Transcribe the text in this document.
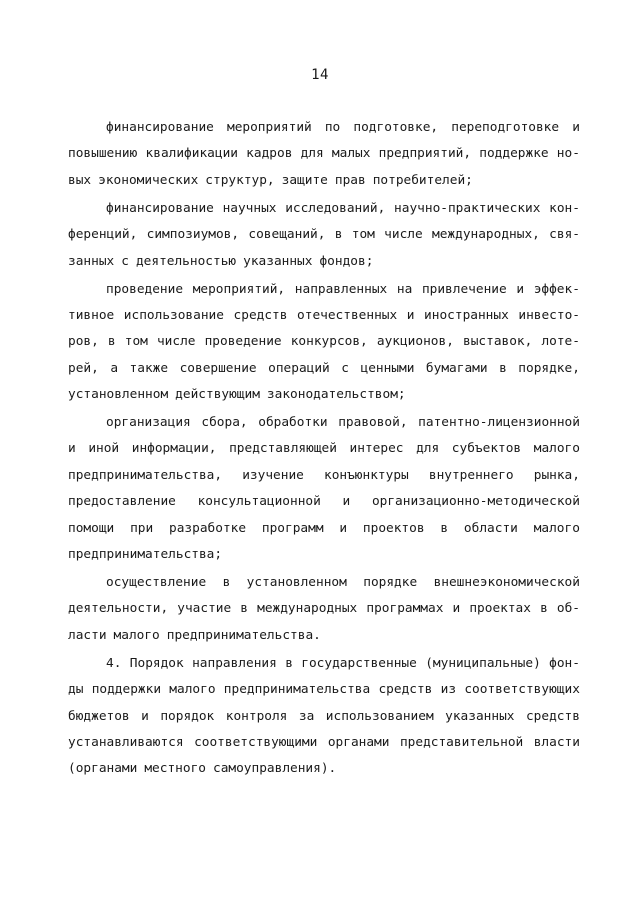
14
финансирование мероприятий по подготовке, переподготовке и
повышению квалификации кадров для малых предприятий, поддержке но-
вых экономических структур, защите прав потребителей;
финансирование научных исследований, научно-практических кон-
ференций, симпозиумов, совещаний, в том числе международных, свя-
занных с деятельностью указанных фондов;
проведение мероприятий, направленных на привлечение и эффек-
тивное использование средств отечественных и иностранных инвесто-
ров, в том числе проведение конкурсов, аукционов, выставок, лоте-
рей, а также совершение операций с ценными бумагами в порядке,
установленном действующим законодательством;
организация сбора, обработки правовой, патентно-лицензионной
и иной информации, представляющей интерес для субъектов малого
предпринимательства, изучение конъюнктуры внутреннего рынка,
предоставление консультационной и организационно-методической
помощи при разработке программ и проектов в области малого
предпринимательства;
осуществление в установленном порядке внешнеэкономической
деятельности, участие в международных программах и проектах в об-
ласти малого предпринимательства.
4. Порядок направления в государственные (муниципальные) фон-
ды поддержки малого предпринимательства средств из соответствующих
бюджетов и порядок контроля за использованием указанных средств
устанавливаются соответствующими органами представительной власти
(органами местного самоуправления).
